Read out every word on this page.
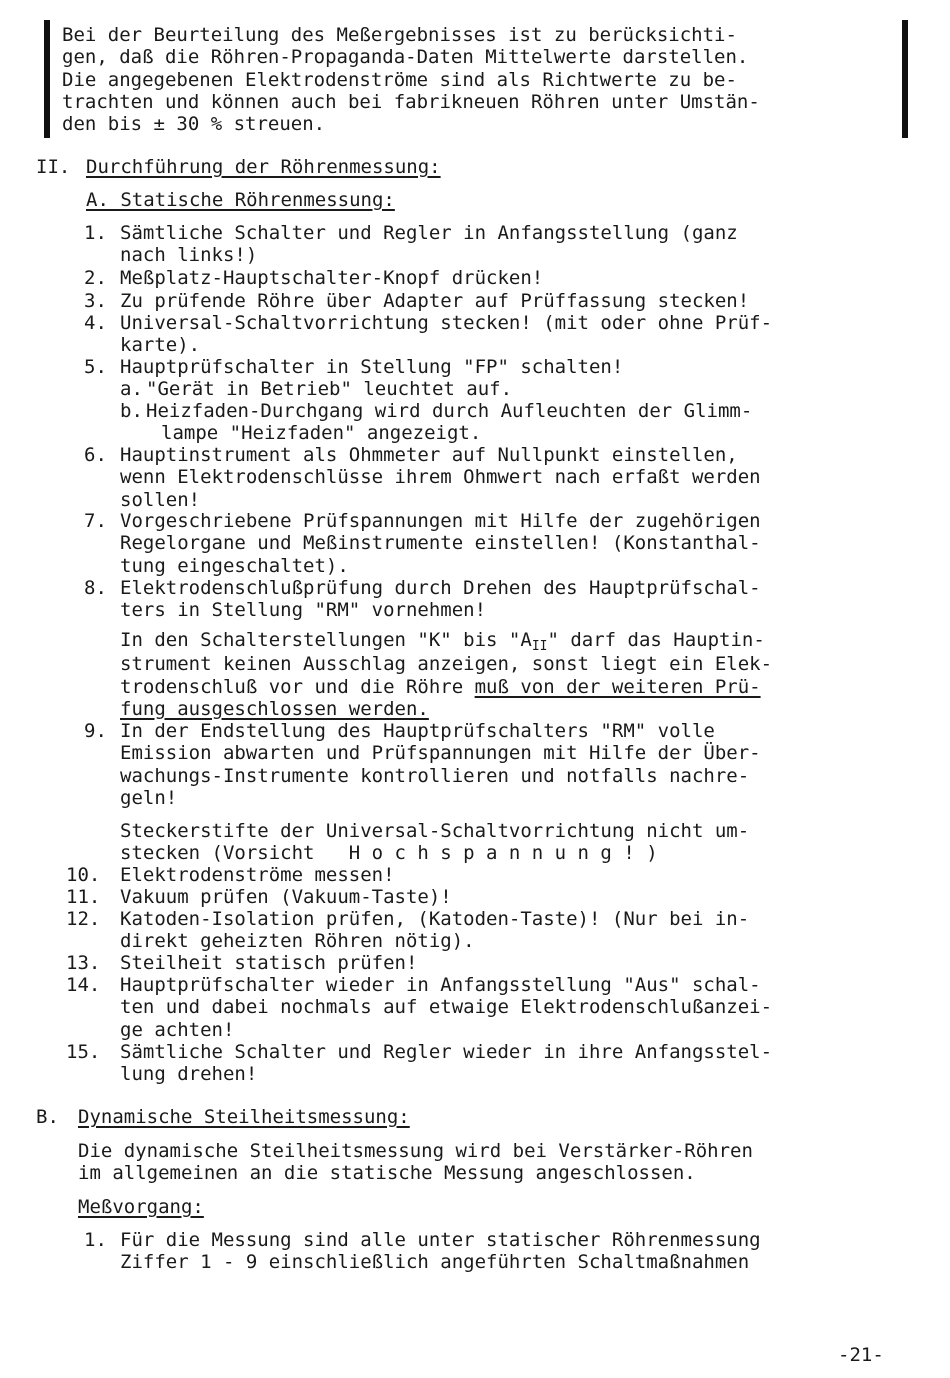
Bei der Beurteilung des Meßergebnisses ist zu berücksichti-
gen, daß die Röhren-Propaganda-Daten Mittelwerte darstellen.
Die angegebenen Elektrodenströme sind als Richtwerte zu be-
trachten und können auch bei fabrikneuen Röhren unter Umstän-
den bis ± 30 % streuen.
II. Durchführung der Röhrenmessung:
A. Statische Röhrenmessung:
1. Sämtliche Schalter und Regler in Anfangsstellung (ganz
nach links!)
2. Meßplatz-Hauptschalter-Knopf drücken!
3. Zu prüfende Röhre über Adapter auf Prüffassung stecken!
4. Universal-Schaltvorrichtung stecken! (mit oder ohne Prüf-
karte).
5. Hauptprüfschalter in Stellung "FP" schalten!
a. "Gerät in Betrieb" leuchtet auf.
b. Heizfaden-Durchgang wird durch Aufleuchten der Glimm-
lampe "Heizfaden" angezeigt.
6. Hauptinstrument als Ohmmeter auf Nullpunkt einstellen,
wenn Elektrodenschlüsse ihrem Ohmwert nach erfaßt werden
sollen!
7. Vorgeschriebene Prüfspannungen mit Hilfe der zugehörigen
Regelorgane und Meßinstrumente einstellen! (Konstanthal-
tung eingeschaltet).
8. Elektrodenschlußprüfung durch Drehen des Hauptprüfschal-
ters in Stellung "RM" vornehmen!
In den Schalterstellungen "K" bis "$A_{II}$" darf das Hauptin-
strument keinen Ausschlag anzeigen, sonst liegt ein Elek-
trodenschluß vor und die Röhre muß von der weiteren Prü-
fung ausgeschlossen werden.
9. In der Endstellung des Hauptprüfschalters "RM" volle
Emission abwarten und Prüfspannungen mit Hilfe der Über-
wachungs-Instrumente kontrollieren und notfalls nachre-
geln!
Steckerstifte der Universal-Schaltvorrichtung nicht um-
stecken (Vorsicht   H o c h s p a n n u n g ! )
10. Elektrodenströme messen!
11. Vakuum prüfen (Vakuum-Taste)!
12. Katoden-Isolation prüfen, (Katoden-Taste)! (Nur bei in-
direkt geheizten Röhren nötig).
13. Steilheit statisch prüfen!
14. Hauptprüfschalter wieder in Anfangsstellung "Aus" schal-
ten und dabei nochmals auf etwaige Elektrodenschlußanzei-
ge achten!
15. Sämtliche Schalter und Regler wieder in ihre Anfangsstel-
lung drehen!
B. Dynamische Steilheitsmessung:
Die dynamische Steilheitsmessung wird bei Verstärker-Röhren
im allgemeinen an die statische Messung angeschlossen.
Meßvorgang:
1. Für die Messung sind alle unter statischer Röhrenmessung
Ziffer 1 - 9 einschließlich angeführten Schaltmaßnahmen
-21-
